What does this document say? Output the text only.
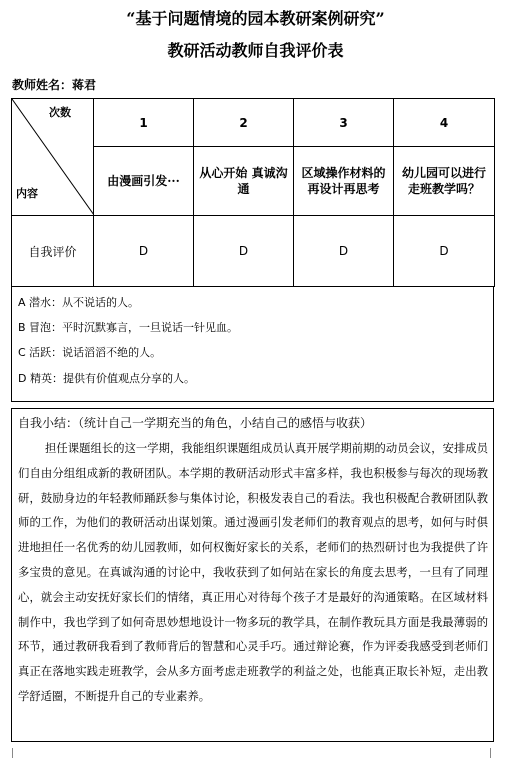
“基于问题情境的园本教研案例研究”
教研活动教师自我评价表
教师姓名：蒋君
次数
内容	1	2	3	4
	由漫画引发···	从心开始 真诚沟通	区域操作材料的再设计再思考	幼儿园可以进行走班教学吗？
自我评价	D	D	D	D
A 潜水：从不说话的人。
B 冒泡：平时沉默寡言，一旦说话一针见血。
C 活跃：说话滔滔不绝的人。
D 精英：提供有价值观点分享的人。
自我小结：（统计自己一学期充当的角色，小结自己的感悟与收获）
担任课题组长的这一学期，我能组织课题组成员认真开展学期前期的动员会议，安排成员们自由分组组成新的教研团队。本学期的教研活动形式丰富多样，我也积极参与每次的现场教研，鼓励身边的年轻教师踊跃参与集体讨论，积极发表自己的看法。我也积极配合教研团队教师的工作，为他们的教研活动出谋划策。通过漫画引发老师们的教育观点的思考，如何与时俱进地担任一名优秀的幼儿园教师，如何权衡好家长的关系，老师们的热烈研讨也为我提供了许多宝贵的意见。在真诚沟通的讨论中，我收获到了如何站在家长的角度去思考，一旦有了同理心，就会主动安抚好家长们的情绪，真正用心对待每个孩子才是最好的沟通策略。在区域材料制作中，我也学到了如何奇思妙想地设计一物多玩的教学具，在制作教玩具方面是我最薄弱的环节，通过教研我看到了教师背后的智慧和心灵手巧。通过辩论赛，作为评委我感受到老师们真正在落地实践走班教学，会从多方面考虑走班教学的利益之处，也能真正取长补短，走出教学舒适圈，不断提升自己的专业素养。
